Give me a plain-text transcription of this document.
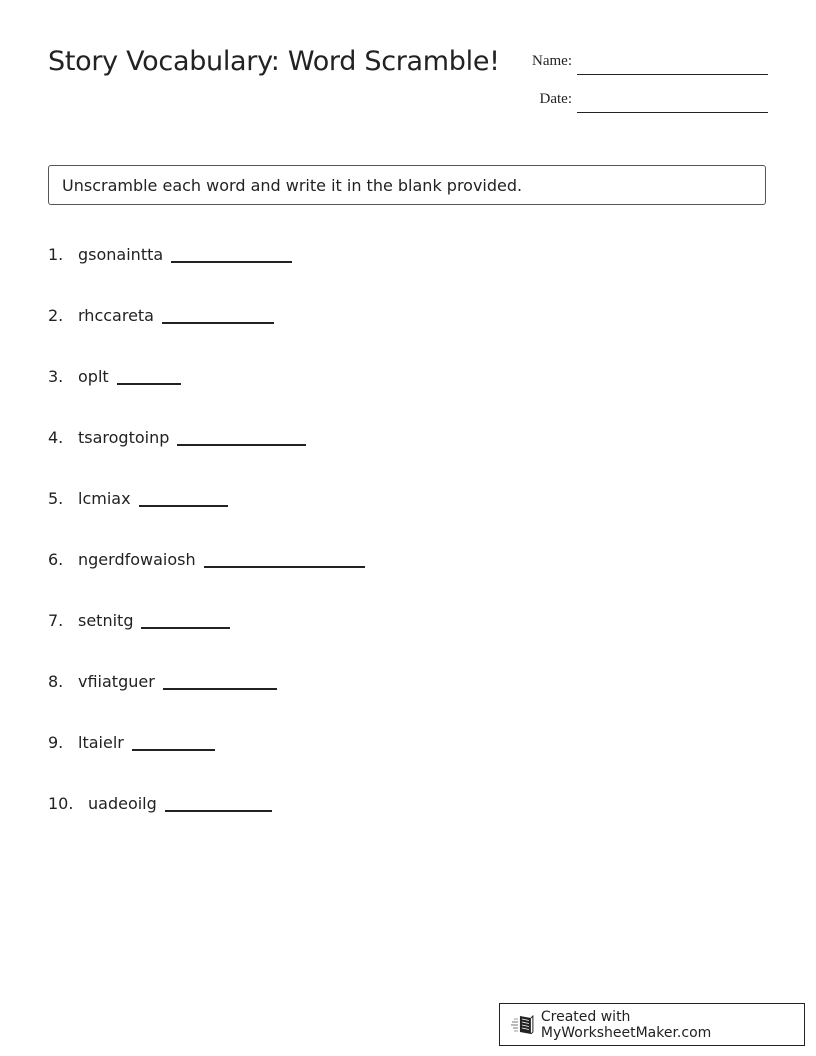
Story Vocabulary: Word Scramble! Name:
Date:
Unscramble each word and write it in the blank provided.
1. gsonaintta
2. rhccareta
3. oplt
4. tsarogtoinp
5. lcmiax
6. ngerdfowaiosh
7. setnitg
8. vfiiatguer
9. ltaielr
10. uadeoilg
Created with MyWorksheetMaker.com
